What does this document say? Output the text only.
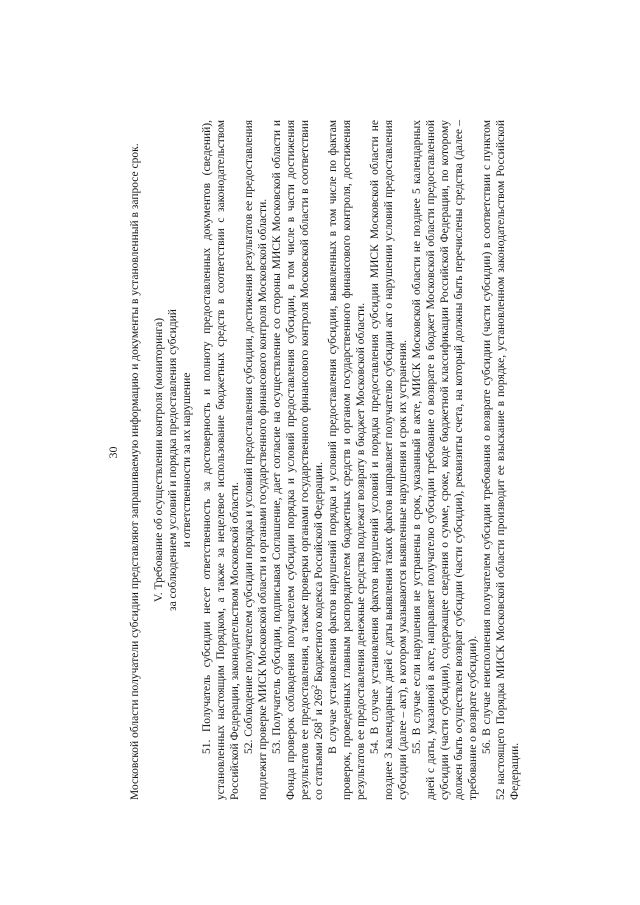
30 Московской области получатели субсидии представляют запрашиваемую информацию и документы в установленный в запросе срок. V. Требование об осуществлении контроля (мониторинга) за соблюдением условий и порядка предоставления субсидий и ответственности за их нарушение 51. Получатель субсидии несет ответственность за достоверность и полноту предоставленных документов (сведений), установленных настоящим Порядком, а также за нецелевое использование бюджетных средств в соответствии с законодательством Российской Федерации, законодательством Московской области. 52. Соблюдение получателем субсидии порядка и условий предоставления субсидии, достижения результатов ее предоставления подлежит проверке МИСК Московской области и органами государственного финансового контроля Московской области. 53. Получатель субсидии, подписывая Соглашение, дает согласие на осуществление со стороны МИСК Московской области и Фонда проверок соблюдения получателем субсидии порядка и условий предоставления субсидии, в том числе в части достижения результатов ее предоставления, а также проверки органами государственного финансового контроля Московской области в соответствии со статьями $268^1$ и $269^2$ Бюджетного кодекса Российской Федерации. В случае установления фактов нарушений порядка и условий предоставления субсидии, выявленных в том числе по фактам проверок, проведенных главным распорядителем бюджетных средств и органом государственного финансового контроля, достижения результатов ее предоставления денежные средства подлежат возврату в бюджет Московской области. 54. В случае установления фактов нарушений условий и порядка предоставления субсидии МИСК Московской области не позднее 3 календарных дней с даты выявления таких фактов направляет получателю субсидии акт о нарушении условий предоставления субсидии (далее – акт), в котором указываются выявленные нарушения и срок их устранения. 55. В случае если нарушения не устранены в срок, указанный в акте, МИСК Московской области не позднее 5 календарных дней с даты, указанной в акте, направляет получателю субсидии требование о возврате в бюджет Московской области предоставленной субсидии (части субсидии), содержащее сведения о сумме, сроке, коде бюджетной классификации Российской Федерации, по которому должен быть осуществлен возврат субсидии (части субсидии), реквизиты счета, на который должны быть перечислены средства (далее – требование о возврате субсидии). 56. В случае неисполнения получателем субсидии требования о возврате субсидии (части субсидии) в соответствии с пунктом 52 настоящего Порядка МИСК Московской области производит ее взыскание в порядке, установленном законодательством Российской Федерации.
